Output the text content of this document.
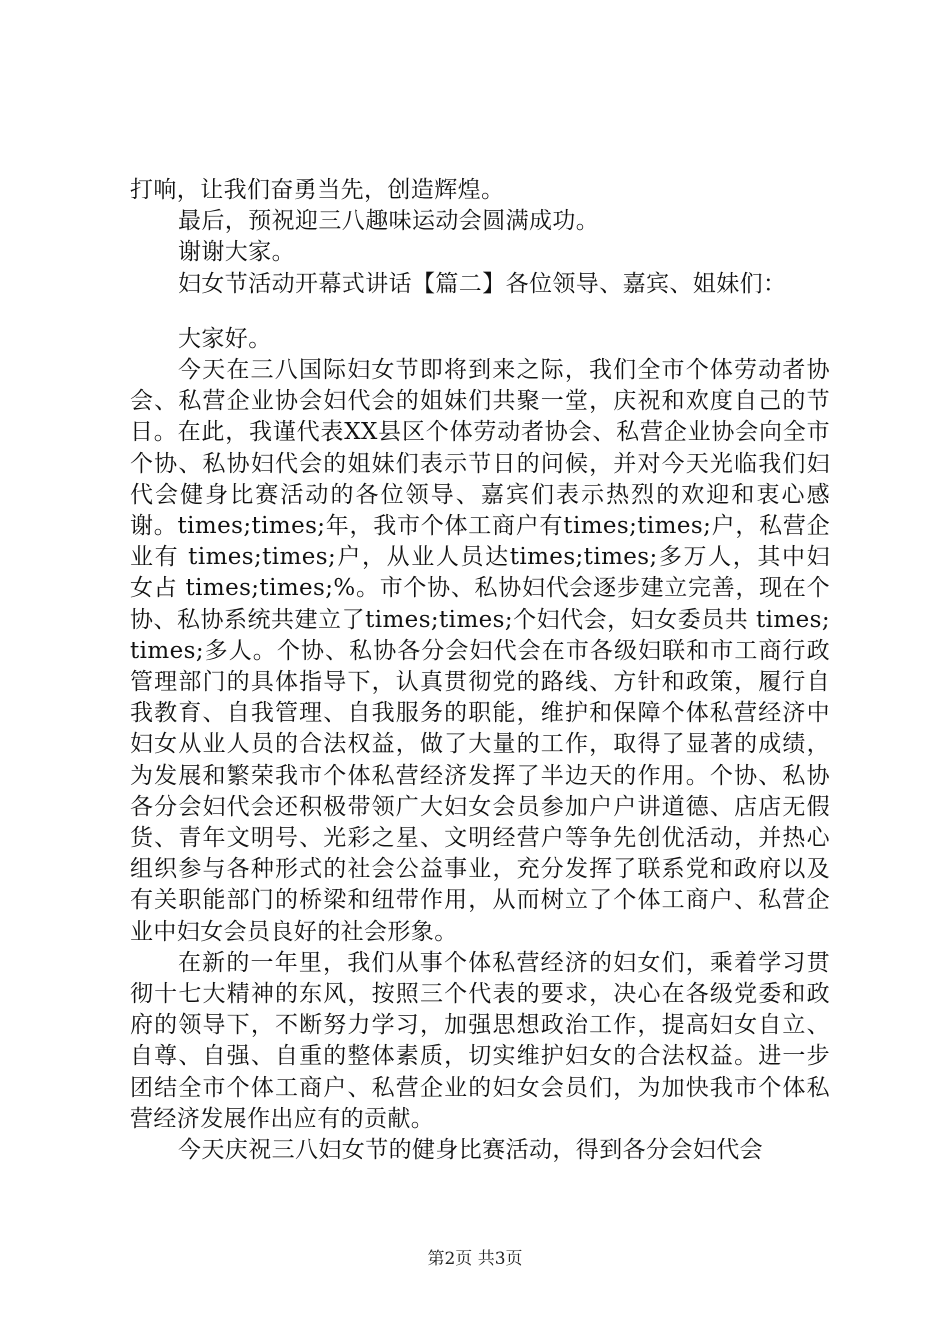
打响，让我们奋勇当先，创造辉煌。

最后，预祝迎三八趣味运动会圆满成功。

谢谢大家。

妇女节活动开幕式讲话【篇二】各位领导、嘉宾、姐妹们：

大家好。

今天在三八国际妇女节即将到来之际，我们全市个体劳动者协会、私营企业协会妇代会的姐妹们共聚一堂，庆祝和欢度自己的节日。在此，我谨代表XX县区个体劳动者协会、私营企业协会向全市个协、私协妇代会的姐妹们表示节日的问候，并对今天光临我们妇代会健身比赛活动的各位领导、嘉宾们表示热烈的欢迎和衷心感谢。times;times;年，我市个体工商户有times;times;户，私营企业有 times;times;户，从业人员达times;times;多万人，其中妇女占 times;times;%。市个协、私协妇代会逐步建立完善，现在个协、私协系统共建立了times;times;个妇代会，妇女委员共 times;times;多人。个协、私协各分会妇代会在市各级妇联和市工商行政管理部门的具体指导下，认真贯彻党的路线、方针和政策，履行自我教育、自我管理、自我服务的职能，维护和保障个体私营经济中妇女从业人员的合法权益，做了大量的工作，取得了显著的成绩，为发展和繁荣我市个体私营经济发挥了半边天的作用。个协、私协各分会妇代会还积极带领广大妇女会员参加户户讲道德、店店无假货、青年文明号、光彩之星、文明经营户等争先创优活动，并热心组织参与各种形式的社会公益事业，充分发挥了联系党和政府以及有关职能部门的桥梁和纽带作用，从而树立了个体工商户、私营企业中妇女会员良好的社会形象。

在新的一年里，我们从事个体私营经济的妇女们，乘着学习贯彻十七大精神的东风，按照三个代表的要求，决心在各级党委和政府的领导下，不断努力学习，加强思想政治工作，提高妇女自立、自尊、自强、自重的整体素质，切实维护妇女的合法权益。进一步团结全市个体工商户、私营企业的妇女会员们，为加快我市个体私营经济发展作出应有的贡献。

今天庆祝三八妇女节的健身比赛活动，得到各分会妇代会

第2页 共3页
